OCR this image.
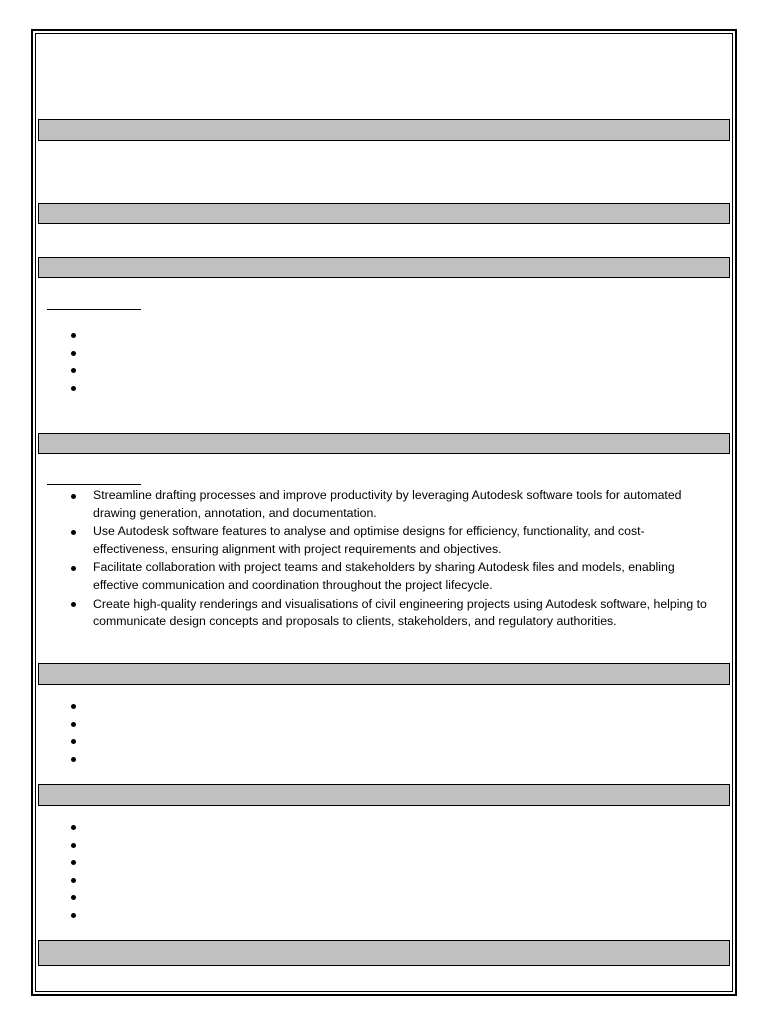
Streamline drafting processes and improve productivity by leveraging Autodesk software tools for automated drawing generation, annotation, and documentation.
Use Autodesk software features to analyse and optimise designs for efficiency, functionality, and cost-effectiveness, ensuring alignment with project requirements and objectives.
Facilitate collaboration with project teams and stakeholders by sharing Autodesk files and models, enabling effective communication and coordination throughout the project lifecycle.
Create high-quality renderings and visualisations of civil engineering projects using Autodesk software, helping to communicate design concepts and proposals to clients, stakeholders, and regulatory authorities.
